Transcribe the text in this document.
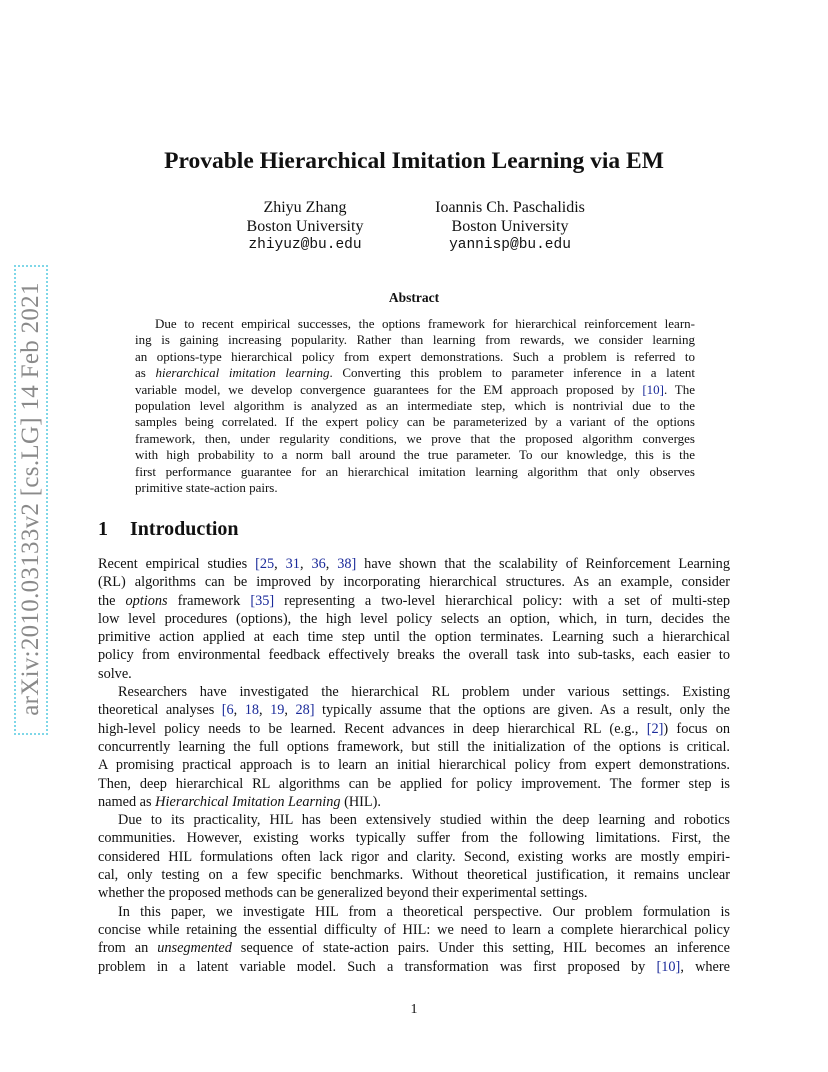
arXiv:2010.03133v2 [cs.LG] 14 Feb 2021
Provable Hierarchical Imitation Learning via EM
Zhiyu Zhang
Boston University
zhiyuz@bu.edu
Ioannis Ch. Paschalidis
Boston University
yannisp@bu.edu
Abstract
Due to recent empirical successes, the options framework for hierarchical reinforcement learn-
ing is gaining increasing popularity. Rather than learning from rewards, we consider learning
an options-type hierarchical policy from expert demonstrations. Such a problem is referred to
as hierarchical imitation learning. Converting this problem to parameter inference in a latent
variable model, we develop convergence guarantees for the EM approach proposed by [10]. The
population level algorithm is analyzed as an intermediate step, which is nontrivial due to the
samples being correlated. If the expert policy can be parameterized by a variant of the options
framework, then, under regularity conditions, we prove that the proposed algorithm converges
with high probability to a norm ball around the true parameter. To our knowledge, this is the
first performance guarantee for an hierarchical imitation learning algorithm that only observes
primitive state-action pairs.
1 Introduction
Recent empirical studies [25, 31, 36, 38] have shown that the scalability of Reinforcement Learning
(RL) algorithms can be improved by incorporating hierarchical structures. As an example, consider
the options framework [35] representing a two-level hierarchical policy: with a set of multi-step
low level procedures (options), the high level policy selects an option, which, in turn, decides the
primitive action applied at each time step until the option terminates. Learning such a hierarchical
policy from environmental feedback effectively breaks the overall task into sub-tasks, each easier to
solve.
Researchers have investigated the hierarchical RL problem under various settings. Existing
theoretical analyses [6, 18, 19, 28] typically assume that the options are given. As a result, only the
high-level policy needs to be learned. Recent advances in deep hierarchical RL (e.g., [2]) focus on
concurrently learning the full options framework, but still the initialization of the options is critical.
A promising practical approach is to learn an initial hierarchical policy from expert demonstrations.
Then, deep hierarchical RL algorithms can be applied for policy improvement. The former step is
named as Hierarchical Imitation Learning (HIL).
Due to its practicality, HIL has been extensively studied within the deep learning and robotics
communities. However, existing works typically suffer from the following limitations. First, the
considered HIL formulations often lack rigor and clarity. Second, existing works are mostly empiri-
cal, only testing on a few specific benchmarks. Without theoretical justification, it remains unclear
whether the proposed methods can be generalized beyond their experimental settings.
In this paper, we investigate HIL from a theoretical perspective. Our problem formulation is
concise while retaining the essential difficulty of HIL: we need to learn a complete hierarchical policy
from an unsegmented sequence of state-action pairs. Under this setting, HIL becomes an inference
problem in a latent variable model. Such a transformation was first proposed by [10], where
1
